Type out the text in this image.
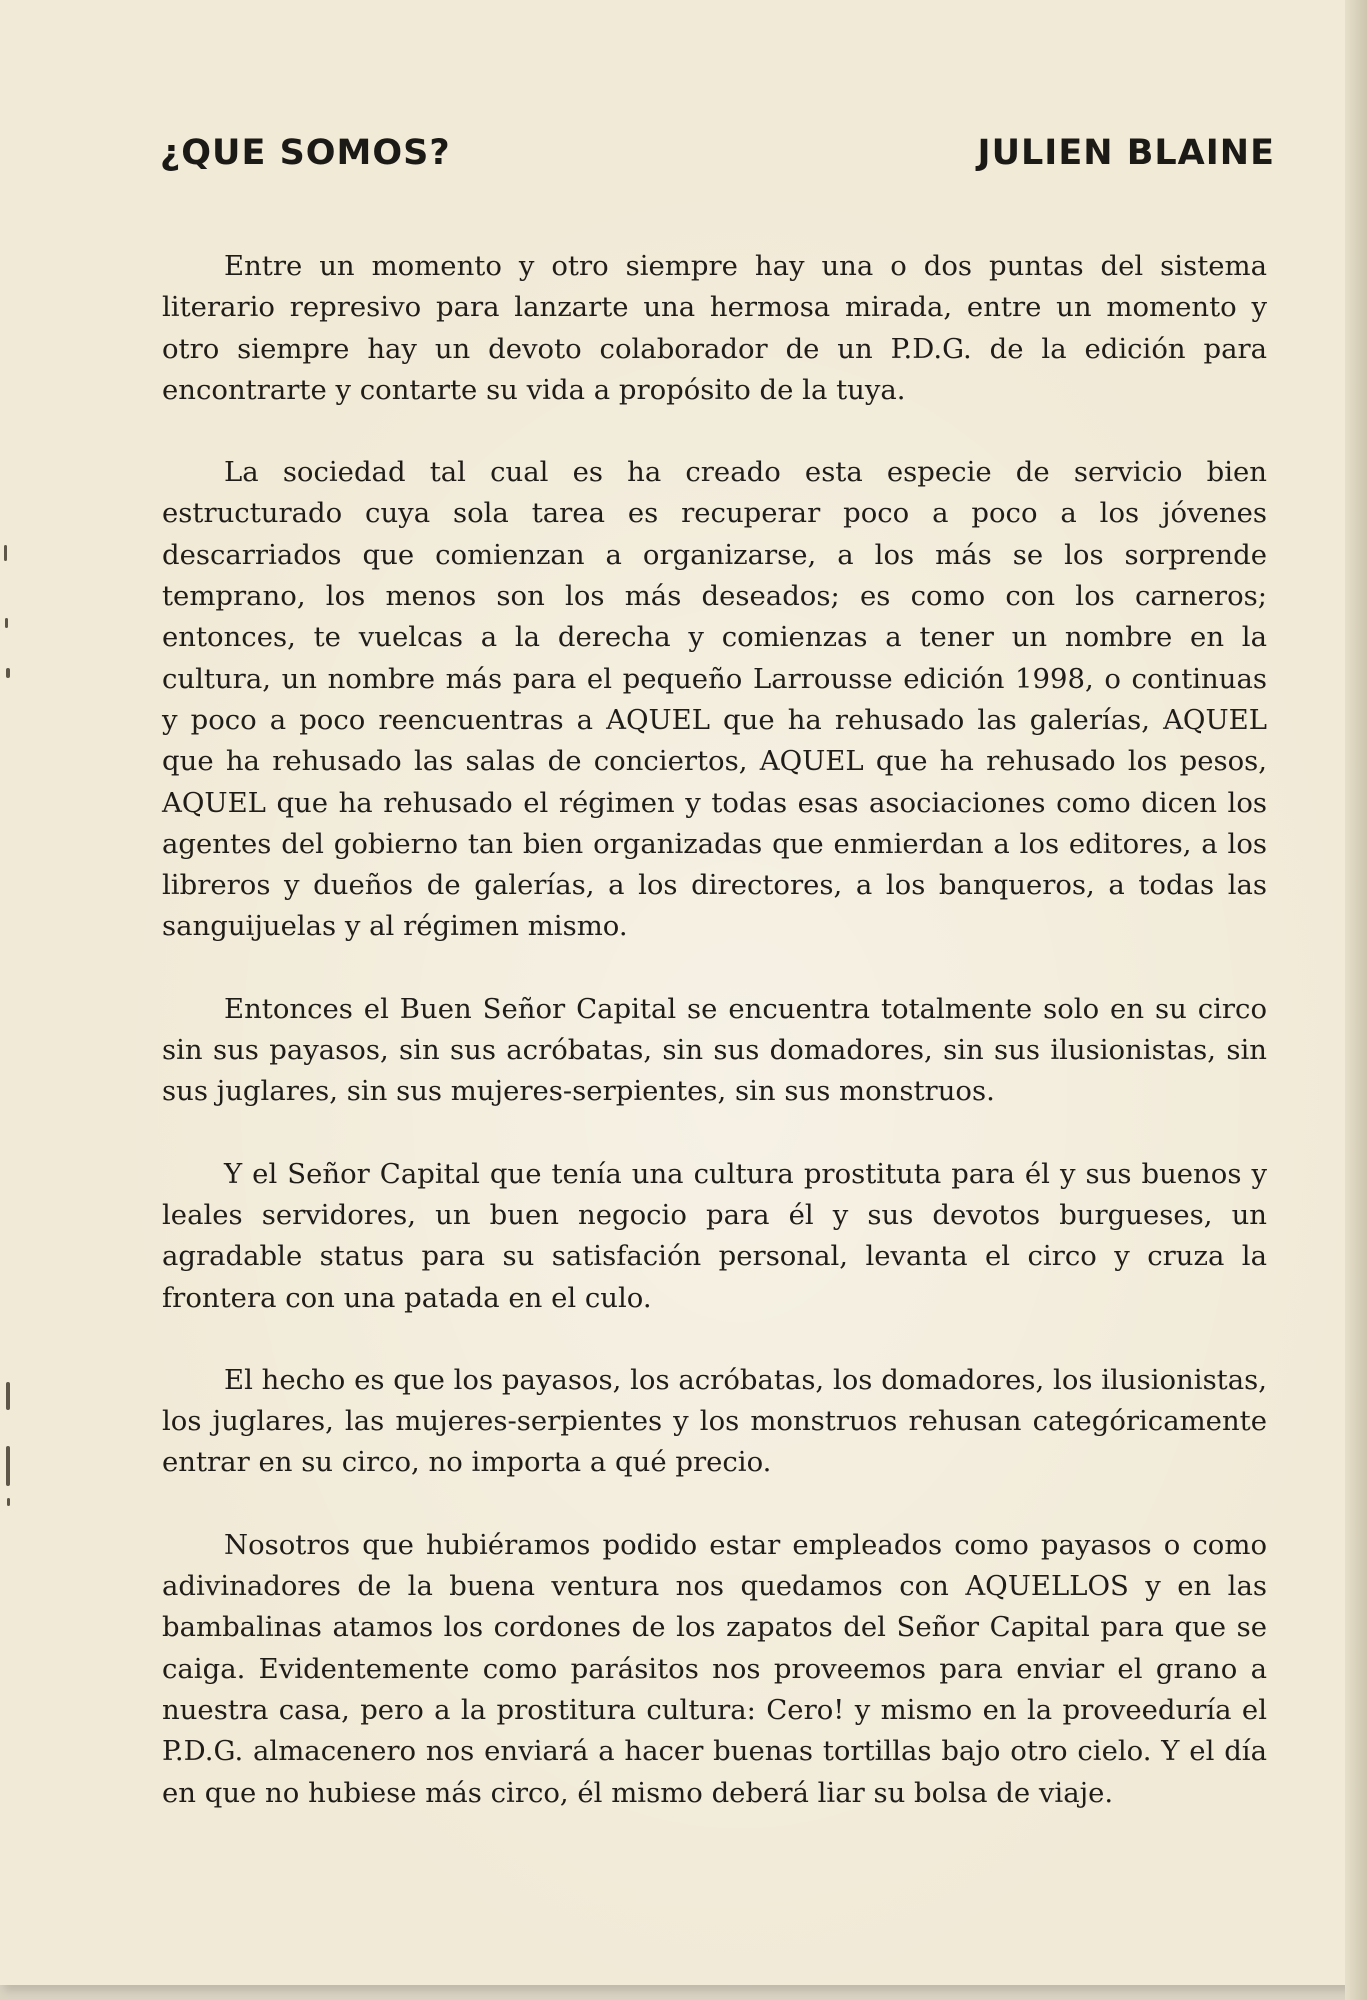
¿QUE SOMOS?	JULIEN BLAINE

Entre un momento y otro siempre hay una o dos puntas del sistema literario represivo para lanzarte una hermosa mirada, entre un momento y otro siempre hay un devoto colaborador de un P.D.G. de la edición para encontrarte y contarte su vida a propósito de la tuya.

La sociedad tal cual es ha creado esta especie de servicio bien estructurado cuya sola tarea es recuperar poco a poco a los jóvenes descarriados que comienzan a organizarse, a los más se los sorprende temprano, los menos son los más deseados; es como con los carneros; entonces, te vuelcas a la derecha y comienzas a tener un nombre en la cultura, un nombre más para el pequeño Larrousse edición 1998, o continuas y poco a poco reencuentras a AQUEL que ha rehusado las galerías, AQUEL que ha rehusado las salas de conciertos, AQUEL que ha rehusado los pesos, AQUEL que ha rehusado el régimen y todas esas asociaciones como dicen los agentes del gobierno tan bien organizadas que enmierdan a los editores, a los libreros y dueños de galerías, a los directores, a los banqueros, a todas las sanguijuelas y al régimen mismo.

Entonces el Buen Señor Capital se encuentra totalmente solo en su circo sin sus payasos, sin sus acróbatas, sin sus domadores, sin sus ilusionistas, sin sus juglares, sin sus mujeres-serpientes, sin sus monstruos.

Y el Señor Capital que tenía una cultura prostituta para él y sus buenos y leales servidores, un buen negocio para él y sus devotos burgueses, un agradable status para su satisfación personal, levanta el circo y cruza la frontera con una patada en el culo.

El hecho es que los payasos, los acróbatas, los domadores, los ilusionistas, los juglares, las mujeres-serpientes y los monstruos rehusan categóricamente entrar en su circo, no importa a qué precio.

Nosotros que hubiéramos podido estar empleados como payasos o como adivinadores de la buena ventura nos quedamos con AQUELLOS y en las bambalinas atamos los cordones de los zapatos del Señor Capital para que se caiga. Evidentemente como parásitos nos proveemos para enviar el grano a nuestra casa, pero a la prostitura cultura: Cero! y mismo en la proveeduría el P.D.G. almacenero nos enviará a hacer buenas tortillas bajo otro cielo. Y el día en que no hubiese más circo, él mismo deberá liar su bolsa de viaje.
